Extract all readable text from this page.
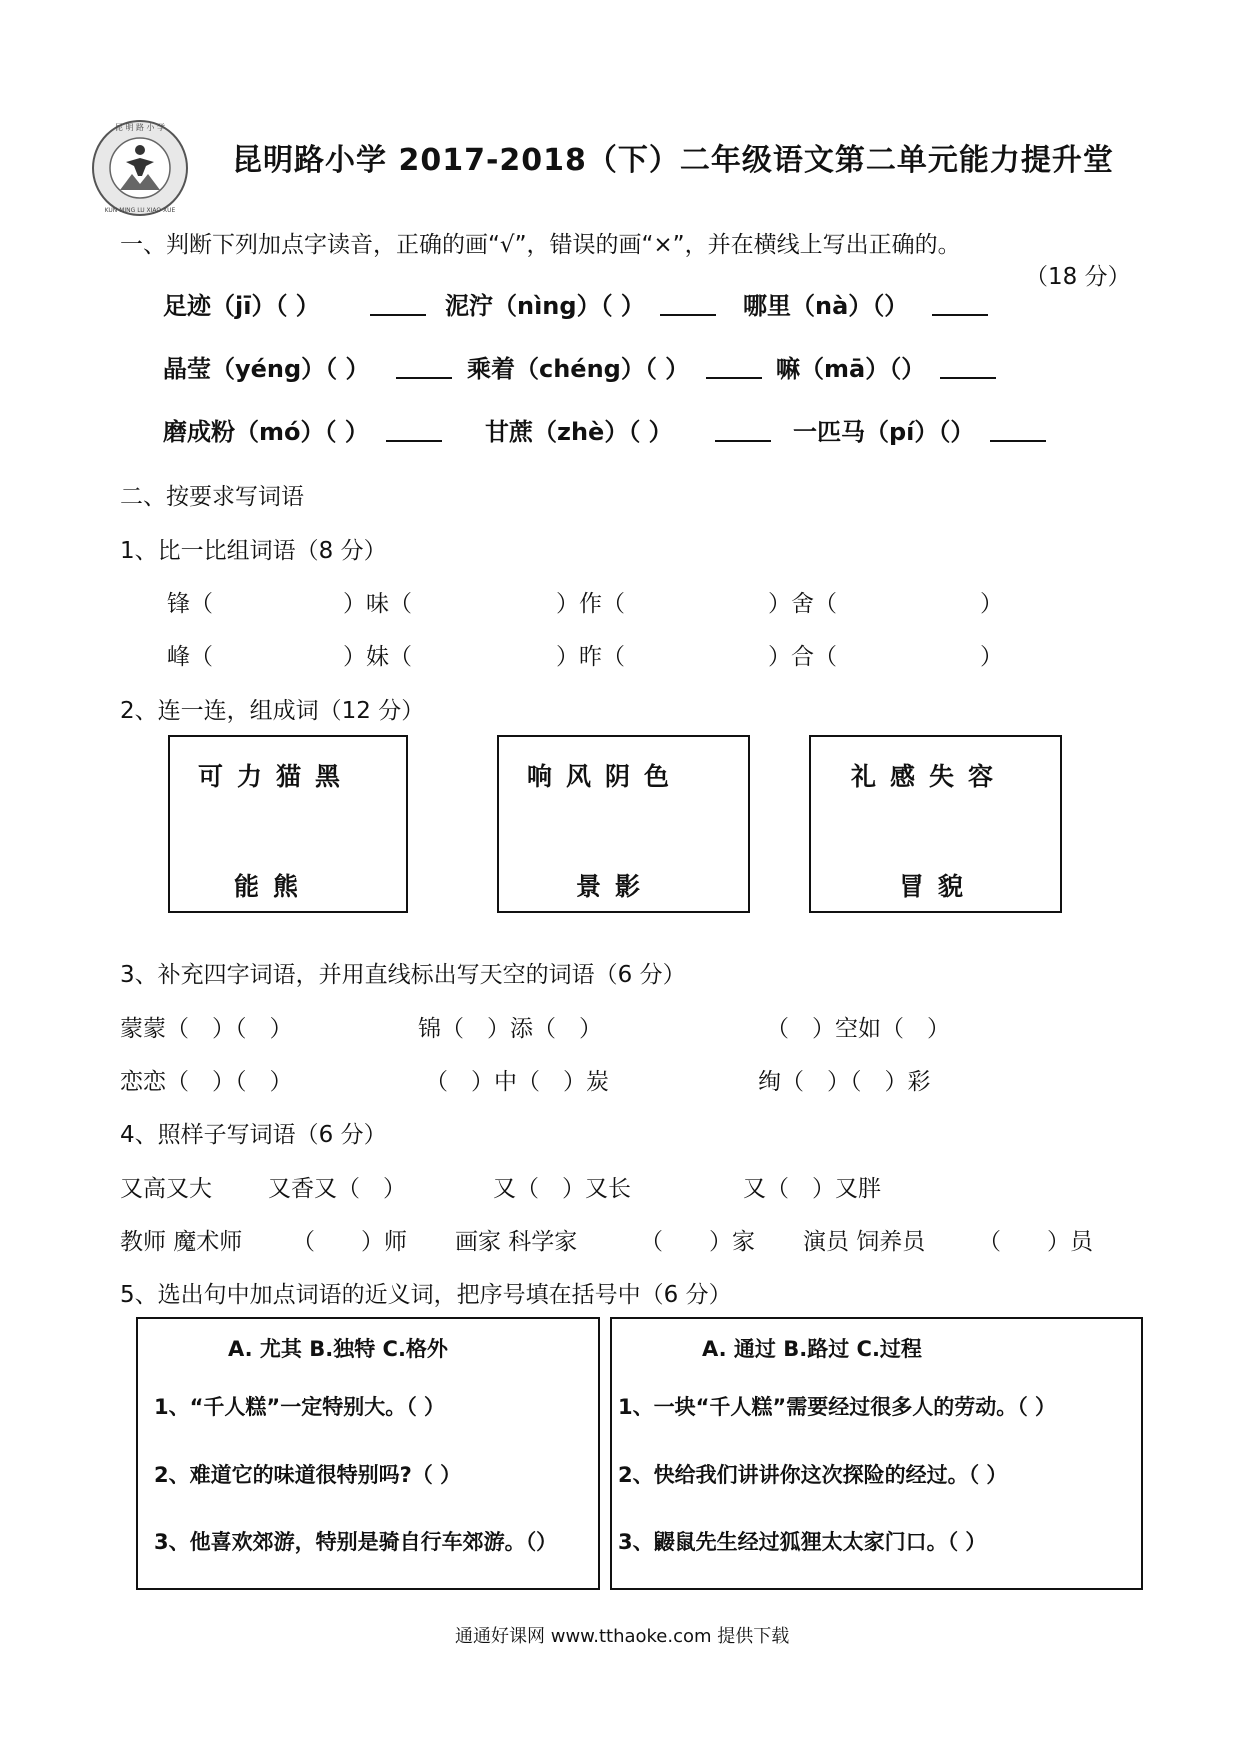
昆 明 路 小 学
KUN MING LU XIAO XUE
昆明路小学 2017-2018（下）二年级语文第二单元能力提升堂
一、判断下列加点字读音，正确的画“√”，错误的画“×”，并在横线上写出正确的。
（18 分）
足迹（jī）（ ）	泥泞（nìng）（ ）	哪里（nà）（）
晶莹（yéng）（ ）	乘着（chéng）（ ）	嘛（mā）（）
磨成粉（mó）（ ）	甘蔗（zhè）（ ）	一匹马（pí）（）
二、按要求写词语
1、比一比组词语（8 分）
锋（	）味（	）作（	）舍（	）
峰（	）妹（	）昨（	）合（	）
2、连一连，组成词（12 分）
可力猫黑
能熊
响风阴色
景影
礼感失容
冒貌
3、补充四字词语，并用直线标出写天空的词语（6 分）
蒙蒙（　）（　）	锦（　）添（　）	（　）空如（　）
恋恋（　）（　）	（　）中（　）炭	绚（　）（　）彩
4、照样子写词语（6 分）
又高又大 又香又（　）	又（　）又长	又（　）又胖
教师 魔术师 （　　）师 画家 科学家	（　　）家 演员 饲养员 （　　）员
5、选出句中加点词语的近义词，把序号填在括号中（6 分）
A. 尤其 B.独特 C.格外
1、“千人糕”一定特别大。（ ）
2、难道它的味道很特别吗?（ ）
3、他喜欢郊游，特别是骑自行车郊游。（）
A. 通过 B.路过 C.过程
1、一块“千人糕”需要经过很多人的劳动。（ ）
2、快给我们讲讲你这次探险的经过。（ ）
3、鼹鼠先生经过狐狸太太家门口。（ ）
通通好课网 www.tthaoke.com 提供下载
